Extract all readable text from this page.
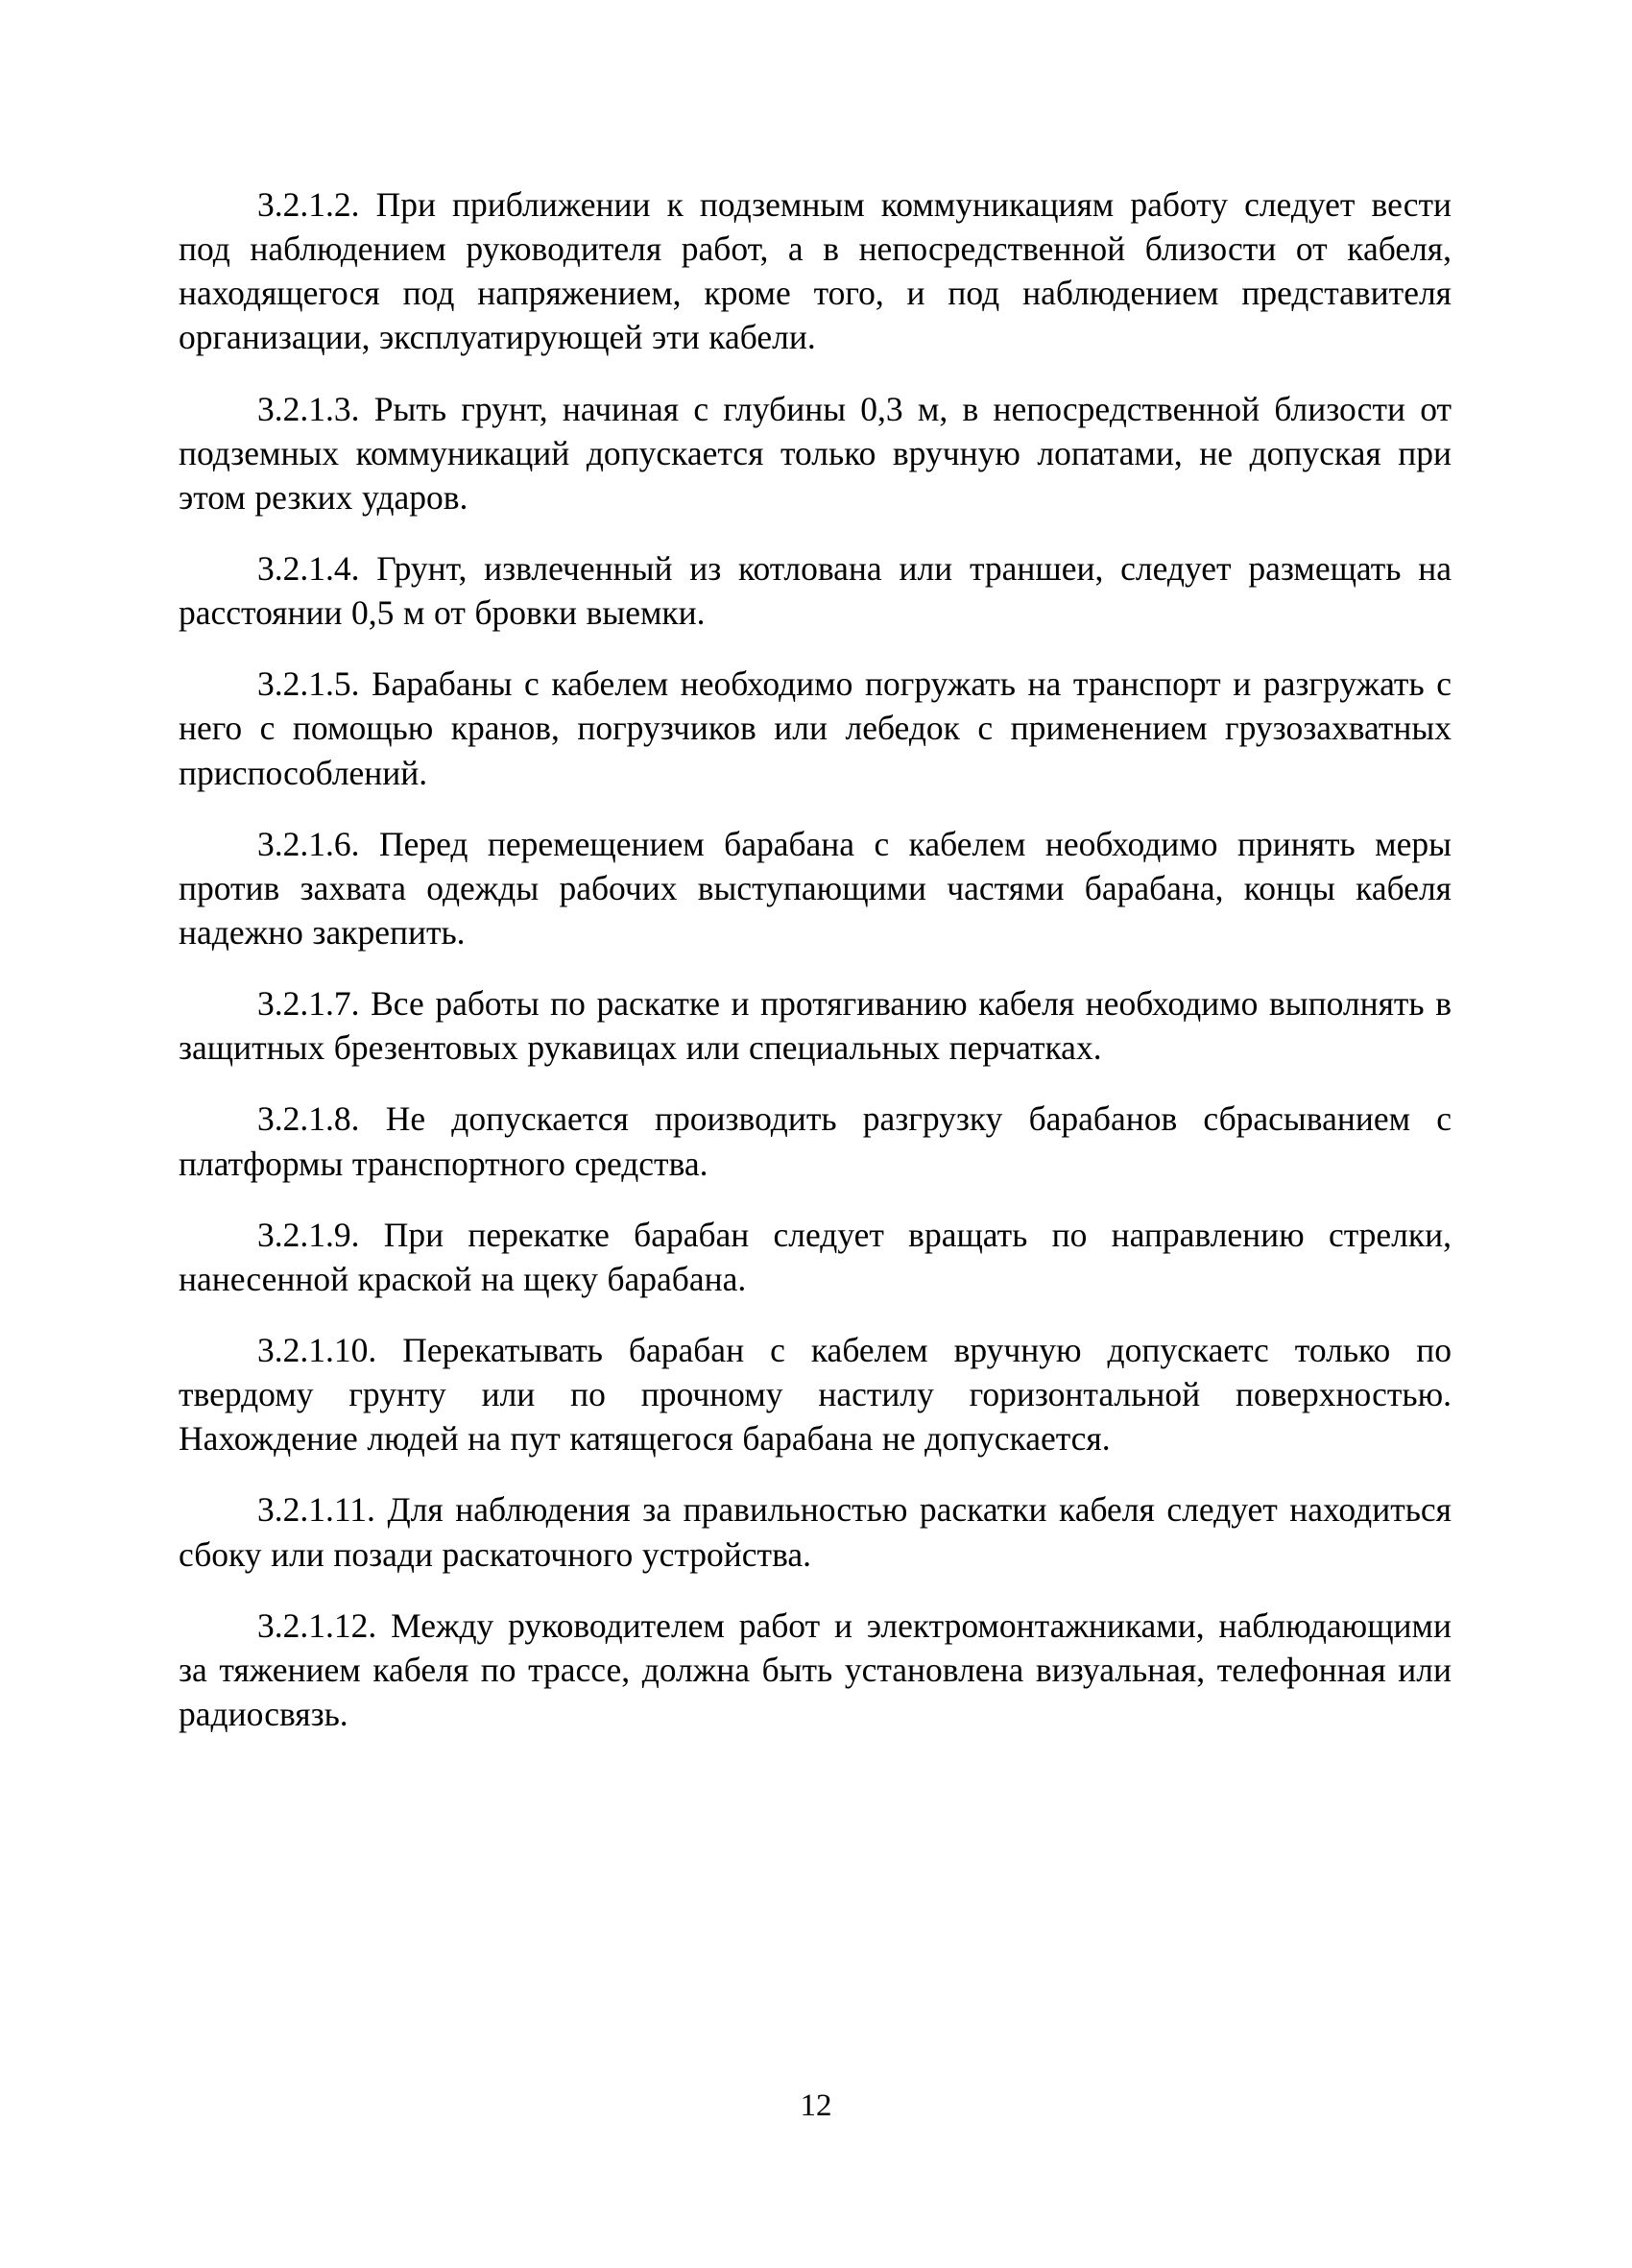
3.2.1.2. При приближении к подземным коммуникациям работу следует вести под наблюдением руководителя работ, а в непосредственной близости от кабеля, находящегося под напряжением, кроме того, и под наблюдением представителя организации, эксплуатирующей эти кабели.

3.2.1.3. Рыть грунт, начиная с глубины 0,3 м, в непосредственной близости от подземных коммуникаций допускается только вручную лопатами, не допуская при этом резких ударов.

3.2.1.4. Грунт, извлеченный из котлована или траншеи, следует размещать на расстоянии 0,5 м от бровки выемки.

3.2.1.5. Барабаны с кабелем необходимо погружать на транспорт и разгружать с него с помощью кранов, погрузчиков или лебедок с применением грузозахватных приспособлений.

3.2.1.6. Перед перемещением барабана с кабелем необходимо принять меры против захвата одежды рабочих выступающими частями барабана, концы кабеля надежно закрепить.

3.2.1.7. Все работы по раскатке и протягиванию кабеля необходимо выполнять в защитных брезентовых рукавицах или специальных перчатках.

3.2.1.8. Не допускается производить разгрузку барабанов сбрасыванием с платформы транспортного средства.

3.2.1.9. При перекатке барабан следует вращать по направлению стрелки, нанесенной краской на щеку барабана.

3.2.1.10. Перекатывать барабан с кабелем вручную допускаетс только по твердому грунту или по прочному настилу горизонтальной поверхностью. Нахождение людей на пут катящегося барабана не допускается.

3.2.1.11. Для наблюдения за правильностью раскатки кабеля следует находиться сбоку или позади раскаточного устройства.

3.2.1.12. Между руководителем работ и электромонтажниками, наблюдающими за тяжением кабеля по трассе, должна быть установлена визуальная, телефонная или радиосвязь.

12
